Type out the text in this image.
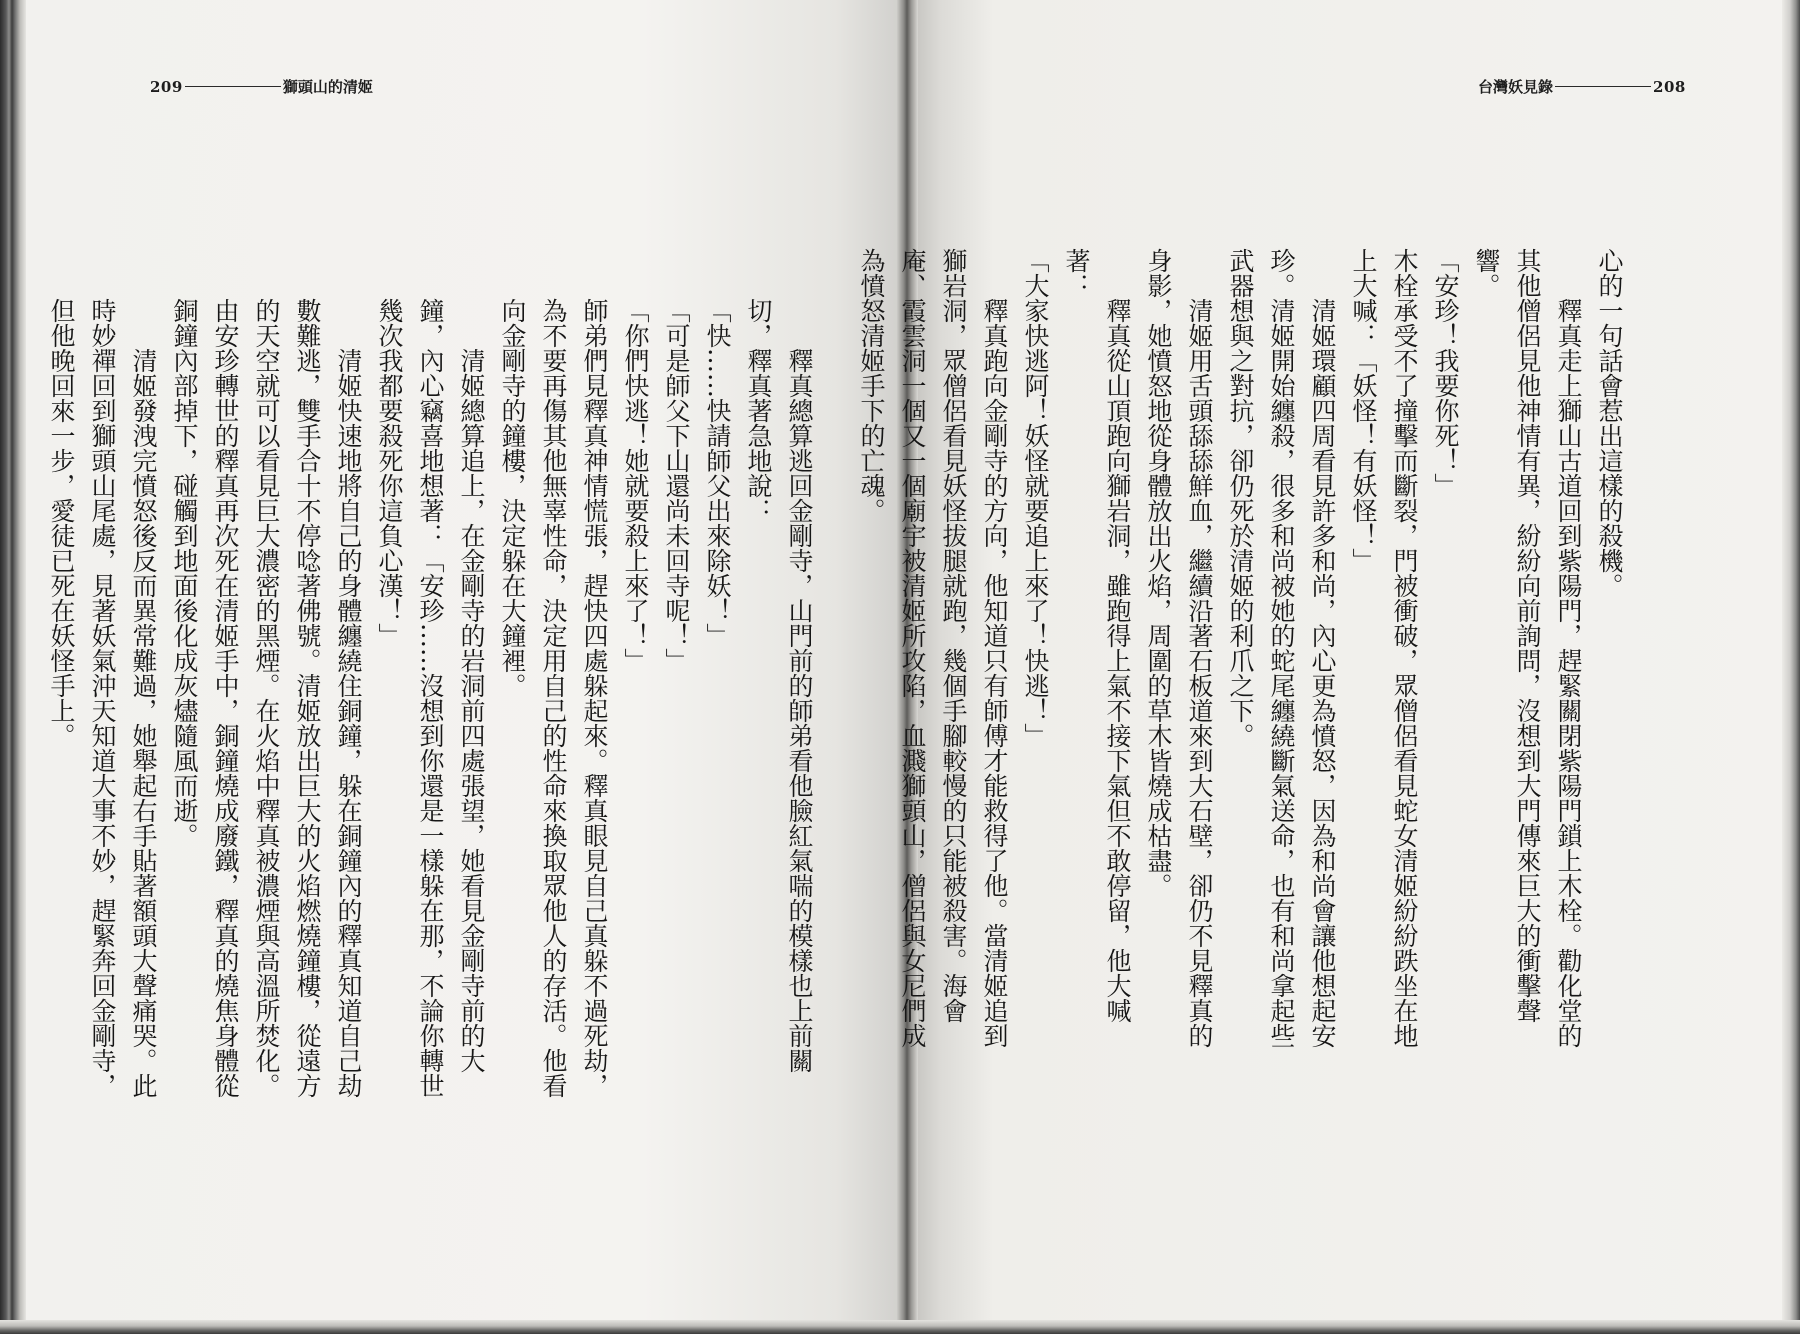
209	獅頭山的清姬	台灣妖見錄	208

心的一句話會惹出這樣的殺機。

釋真走上獅山古道回到紫陽門，趕緊關閉紫陽門鎖上木栓。勸化堂的其他僧侶見他神情有異，紛紛向前詢問，沒想到大門傳來巨大的衝擊聲響。

「安珍！我要你死！」

木栓承受不了撞擊而斷裂，門被衝破，眾僧侶看見蛇女清姬紛紛跌坐在地上大喊：「妖怪！有妖怪！」

清姬環顧四周看見許多和尚，內心更為憤怒，因為和尚會讓他想起安珍。清姬開始纏殺，很多和尚被她的蛇尾纏繞斷氣送命，也有和尚拿起些武器想與之對抗，卻仍死於清姬的利爪之下。

清姬用舌頭舔舔鮮血，繼續沿著石板道來到大石壁，卻仍不見釋真的身影，她憤怒地從身體放出火焰，周圍的草木皆燒成枯盡。

釋真從山頂跑向獅岩洞，雖跑得上氣不接下氣但不敢停留，他大喊著：

「大家快逃阿！妖怪就要追上來了！快逃！」

釋真跑向金剛寺的方向，他知道只有師傅才能救得了他。當清姬追到獅岩洞，眾僧侶看見妖怪拔腿就跑，幾個手腳較慢的只能被殺害。海會庵、霞雲洞一個又一個廟宇被清姬所攻陷，血濺獅頭山，僧侶與女尼們成為憤怒清姬手下的亡魂。

釋真總算逃回金剛寺，山門前的師弟看他臉紅氣喘的模樣也上前關切，釋真著急地說：

「快……快請師父出來除妖！」

「可是師父下山還尚未回寺呢！」

「你們快逃！她就要殺上來了！」

師弟們見釋真神情慌張，趕快四處躲起來。釋真眼見自己真躲不過死劫，為不要再傷其他無辜性命，決定用自己的性命來換取眾他人的存活。他看向金剛寺的鐘樓，決定躲在大鐘裡。

清姬總算追上，在金剛寺的岩洞前四處張望，她看見金剛寺前的大鐘，內心竊喜地想著：「安珍……沒想到你還是一樣躲在那，不論你轉世幾次我都要殺死你這負心漢！」

清姬快速地將自己的身體纏繞住銅鐘，躲在銅鐘內的釋真知道自己劫數難逃，雙手合十不停唸著佛號。清姬放出巨大的火焰燃燒鐘樓，從遠方的天空就可以看見巨大濃密的黑煙。在火焰中釋真被濃煙與高溫所焚化。由安珍轉世的釋真再次死在清姬手中，銅鐘燒成廢鐵，釋真的燒焦身體從銅鐘內部掉下，碰觸到地面後化成灰燼隨風而逝。

清姬發洩完憤怒後反而異常難過，她舉起右手貼著額頭大聲痛哭。此時妙禪回到獅頭山尾處，見著妖氣沖天知道大事不妙，趕緊奔回金剛寺，但他晚回來一步，愛徒已死在妖怪手上。
